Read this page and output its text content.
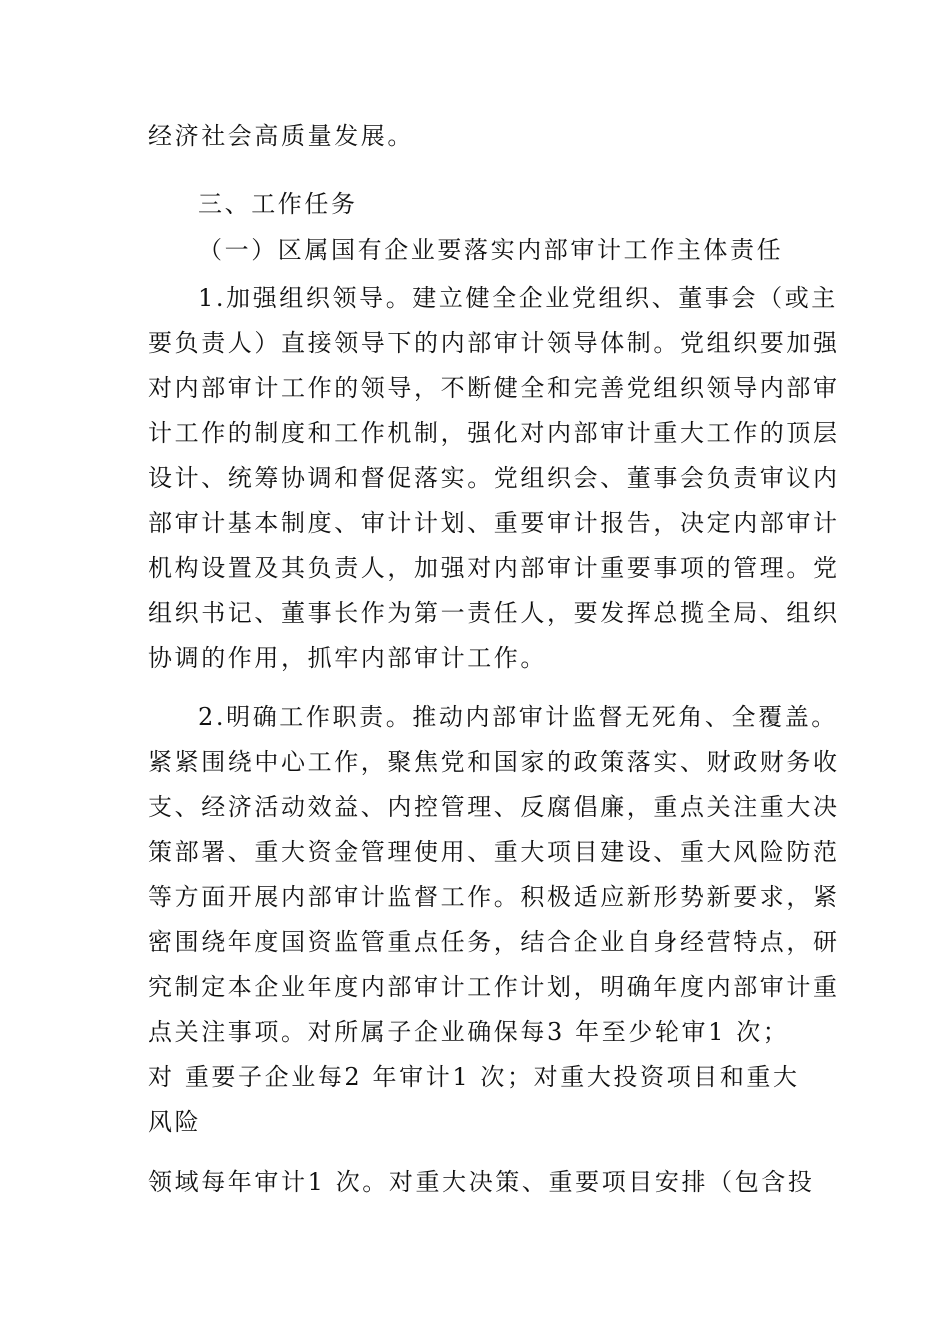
经济社会高质量发展。

三、工作任务

（一）区属国有企业要落实内部审计工作主体责任

1.加强组织领导。建立健全企业党组织、董事会（或主

要负责人）直接领导下的内部审计领导体制。党组织要加强

对内部审计工作的领导，不断健全和完善党组织领导内部审

计工作的制度和工作机制，强化对内部审计重大工作的顶层

设计、统筹协调和督促落实。党组织会、董事会负责审议内

部审计基本制度、审计计划、重要审计报告，决定内部审计

机构设置及其负责人，加强对内部审计重要事项的管理。党

组织书记、董事长作为第一责任人，要发挥总揽全局、组织

协调的作用，抓牢内部审计工作。

2.明确工作职责。推动内部审计监督无死角、全覆盖。

紧紧围绕中心工作，聚焦党和国家的政策落实、财政财务收

支、经济活动效益、内控管理、反腐倡廉，重点关注重大决

策部署、重大资金管理使用、重大项目建设、重大风险防范

等方面开展内部审计监督工作。积极适应新形势新要求，紧

密围绕年度国资监管重点任务，结合企业自身经营特点，研

究制定本企业年度内部审计工作计划，明确年度内部审计重

点关注事项。对所属子企业确保每3 年至少轮审1 次；

对 重要子企业每2 年审计1 次；对重大投资项目和重大

风险

领域每年审计1 次。对重大决策、重要项目安排（包含投
